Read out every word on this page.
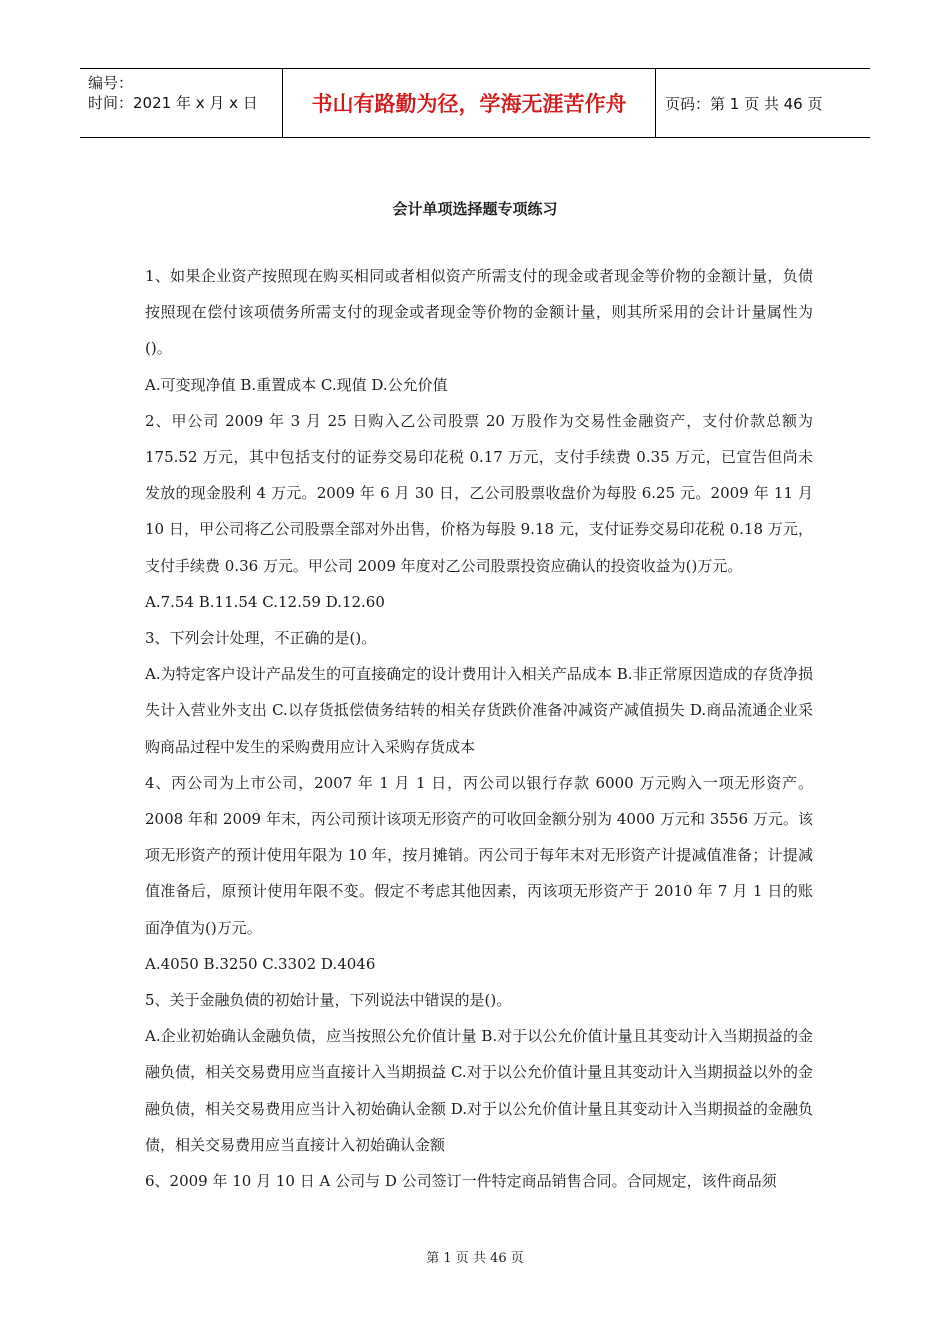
编号：
时间：2021 年 x 月 x 日	书山有路勤为径，学海无涯苦作舟	页码：第 1 页 共 46 页
会计单项选择题专项练习

1、如果企业资产按照现在购买相同或者相似资产所需支付的现金或者现金等价物的金额计量，负债按照现在偿付该项债务所需支付的现金或者现金等价物的金额计量，则其所采用的会计计量属性为()。

A.可变现净值 B.重置成本 C.现值 D.公允价值

2、甲公司 2009 年 3 月 25 日购入乙公司股票 20 万股作为交易性金融资产，支付价款总额为 175.52 万元，其中包括支付的证券交易印花税 0.17 万元，支付手续费 0.35 万元，已宣告但尚未发放的现金股利 4 万元。2009 年 6 月 30 日，乙公司股票收盘价为每股 6.25 元。2009 年 11 月 10 日，甲公司将乙公司股票全部对外出售，价格为每股 9.18 元，支付证券交易印花税 0.18 万元，支付手续费 0.36 万元。甲公司 2009 年度对乙公司股票投资应确认的投资收益为()万元。

A.7.54 B.11.54 C.12.59 D.12.60

3、下列会计处理，不正确的是()。

A.为特定客户设计产品发生的可直接确定的设计费用计入相关产品成本 B.非正常原因造成的存货净损失计入营业外支出 C.以存货抵偿债务结转的相关存货跌价准备冲减资产减值损失 D.商品流通企业采购商品过程中发生的采购费用应计入采购存货成本

4、丙公司为上市公司，2007 年 1 月 1 日，丙公司以银行存款 6000 万元购入一项无形资产。2008 年和 2009 年末，丙公司预计该项无形资产的可收回金额分别为 4000 万元和 3556 万元。该项无形资产的预计使用年限为 10 年，按月摊销。丙公司于每年末对无形资产计提减值准备；计提减值准备后，原预计使用年限不变。假定不考虑其他因素，丙该项无形资产于 2010 年 7 月 1 日的账面净值为()万元。

A.4050 B.3250 C.3302 D.4046

5、关于金融负债的初始计量，下列说法中错误的是()。

A.企业初始确认金融负债，应当按照公允价值计量 B.对于以公允价值计量且其变动计入当期损益的金融负债，相关交易费用应当直接计入当期损益 C.对于以公允价值计量且其变动计入当期损益以外的金融负债，相关交易费用应当计入初始确认金额 D.对于以公允价值计量且其变动计入当期损益的金融负债，相关交易费用应当直接计入初始确认金额

6、2009 年 10 月 10 日 A 公司与 D 公司签订一件特定商品销售合同。合同规定，该件商品须

第 1 页 共 46 页
